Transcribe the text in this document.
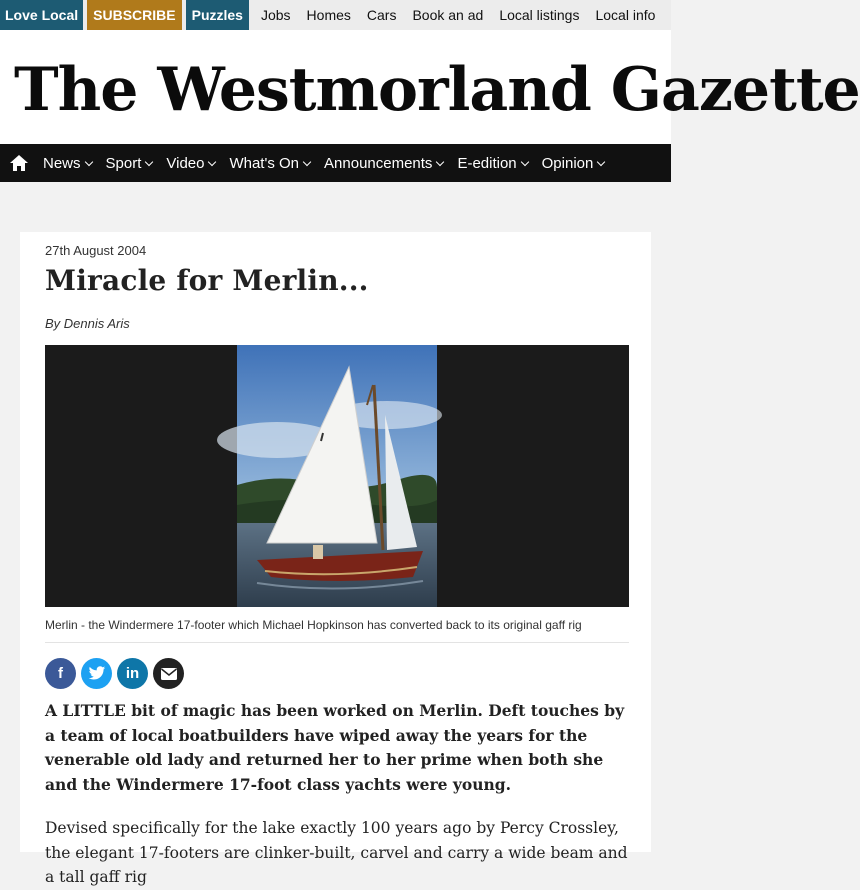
Love Local	SUBSCRIBE	Puzzles	Jobs Homes Cars Book an ad Local listings Local info
The Westmorland Gazette
News Sport Video What's On Announcements E-edition Opinion
27th August 2004
Miracle for Merlin...
By Dennis Aris
Merlin - the Windermere 17-footer which Michael Hopkinson has converted back to its original gaff rig
f	in

A LITTLE bit of magic has been worked on Merlin. Deft touches by a team of local boatbuilders have wiped away the years for the venerable old lady and returned her to her prime when both she and the Windermere 17-foot class yachts were young.

Devised specifically for the lake exactly 100 years ago by Percy Crossley, the elegant 17-footers are clinker-built, carvel and carry a wide beam and a tall gaff rig
